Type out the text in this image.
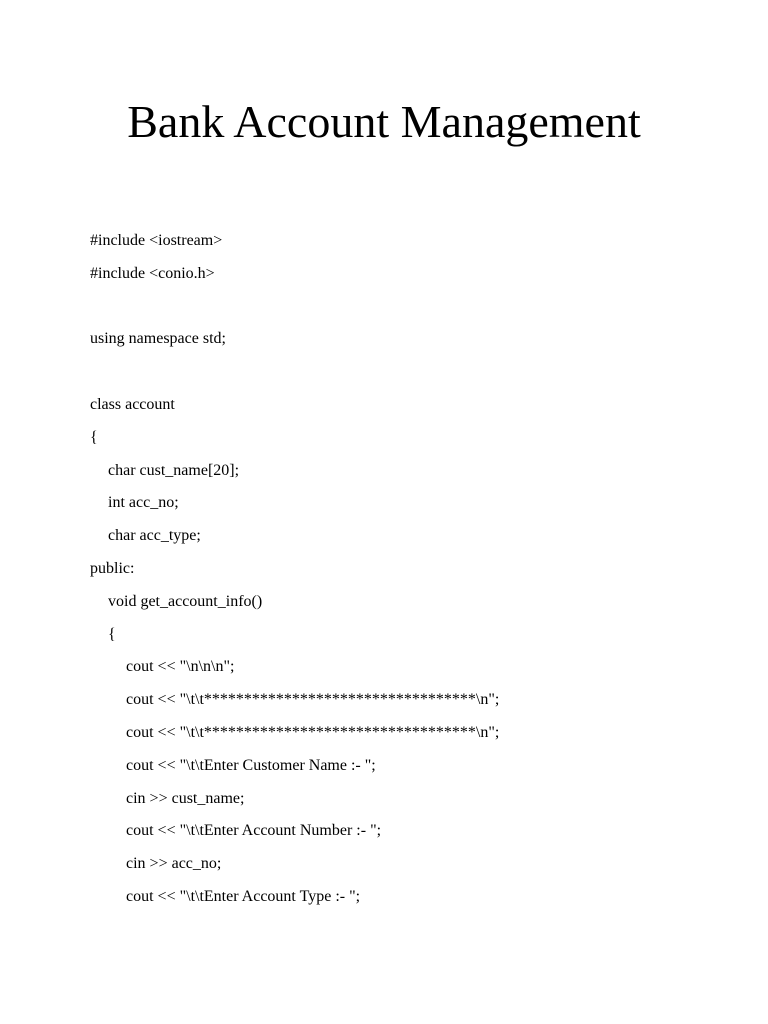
Bank Account Management
#include <iostream>
#include <conio.h>
using namespace std;
class account
{
char cust_name[20];
int acc_no;
char acc_type;
public:
void get_account_info()
{
cout << "\n\n\n";
cout << "\t\t**********************************\n";
cout << "\t\t**********************************\n";
cout << "\t\tEnter Customer Name :- ";
cin >> cust_name;
cout << "\t\tEnter Account Number :- ";
cin >> acc_no;
cout << "\t\tEnter Account Type :- ";
